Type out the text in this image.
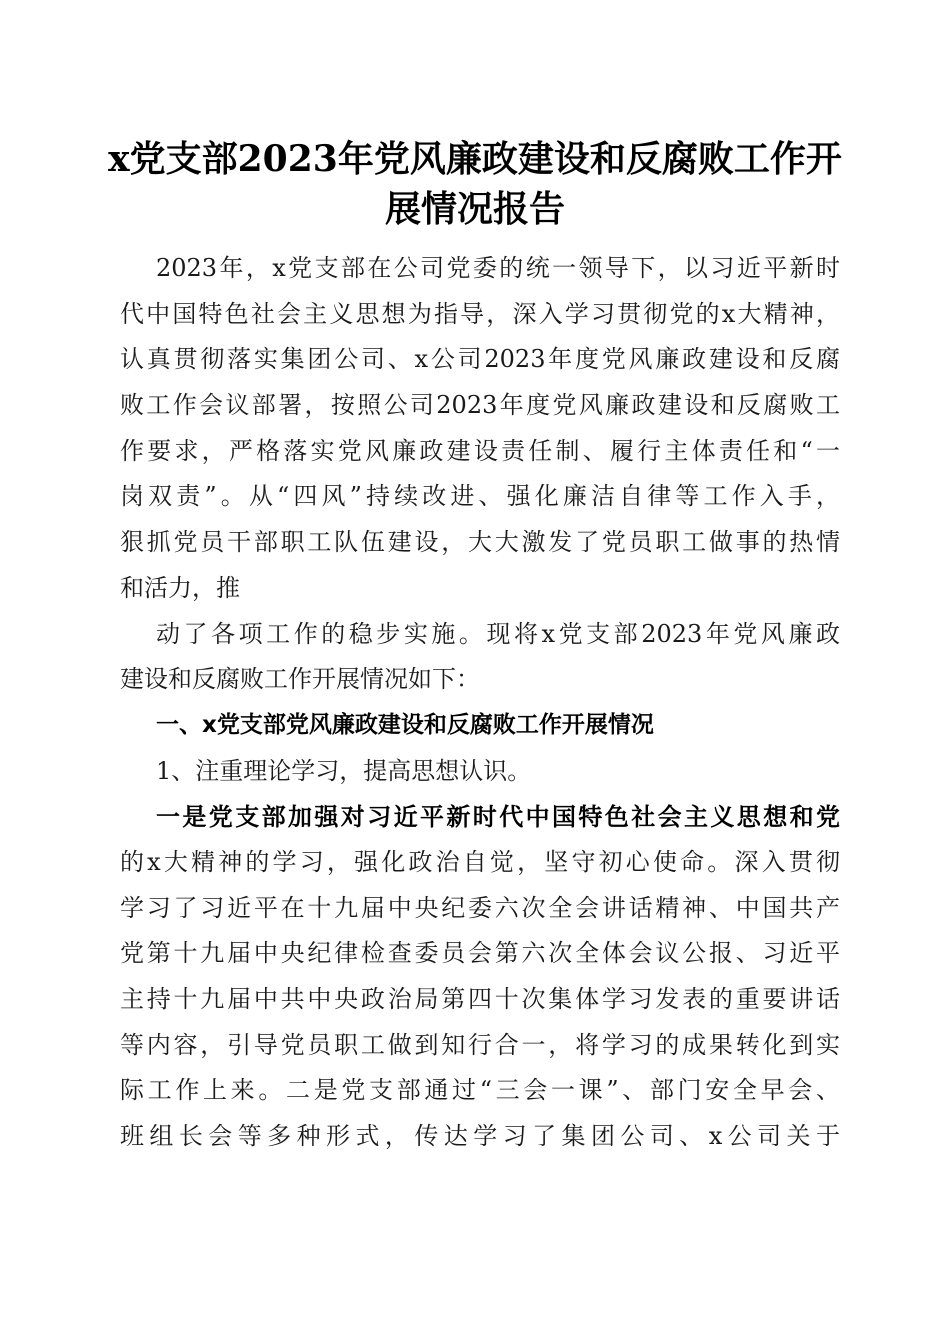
x党支部2023年党风廉政建设和反腐败工作开
展情况报告
2023年，x党支部在公司党委的统一领导下，以习近平新时
代中国特色社会主义思想为指导，深入学习贯彻党的x大精神，
认真贯彻落实集团公司、x公司2023年度党风廉政建设和反腐
败工作会议部署，按照公司2023年度党风廉政建设和反腐败工
作要求，严格落实党风廉政建设责任制、履行主体责任和“一
岗双责”。从“四风”持续改进、强化廉洁自律等工作入手，
狠抓党员干部职工队伍建设，大大激发了党员职工做事的热情
和活力，推
动了各项工作的稳步实施。现将x党支部2023年党风廉政
建设和反腐败工作开展情况如下：
一、x党支部党风廉政建设和反腐败工作开展情况
1、注重理论学习，提高思想认识。
一是党支部加强对习近平新时代中国特色社会主义思想和党
的x大精神的学习，强化政治自觉，坚守初心使命。深入贯彻
学习了习近平在十九届中央纪委六次全会讲话精神、中国共产
党第十九届中央纪律检查委员会第六次全体会议公报、习近平
主持十九届中共中央政治局第四十次集体学习发表的重要讲话
等内容，引导党员职工做到知行合一，将学习的成果转化到实
际工作上来。二是党支部通过“三会一课”、部门安全早会、
班组长会等多种形式，传达学习了集团公司、x公司关于
